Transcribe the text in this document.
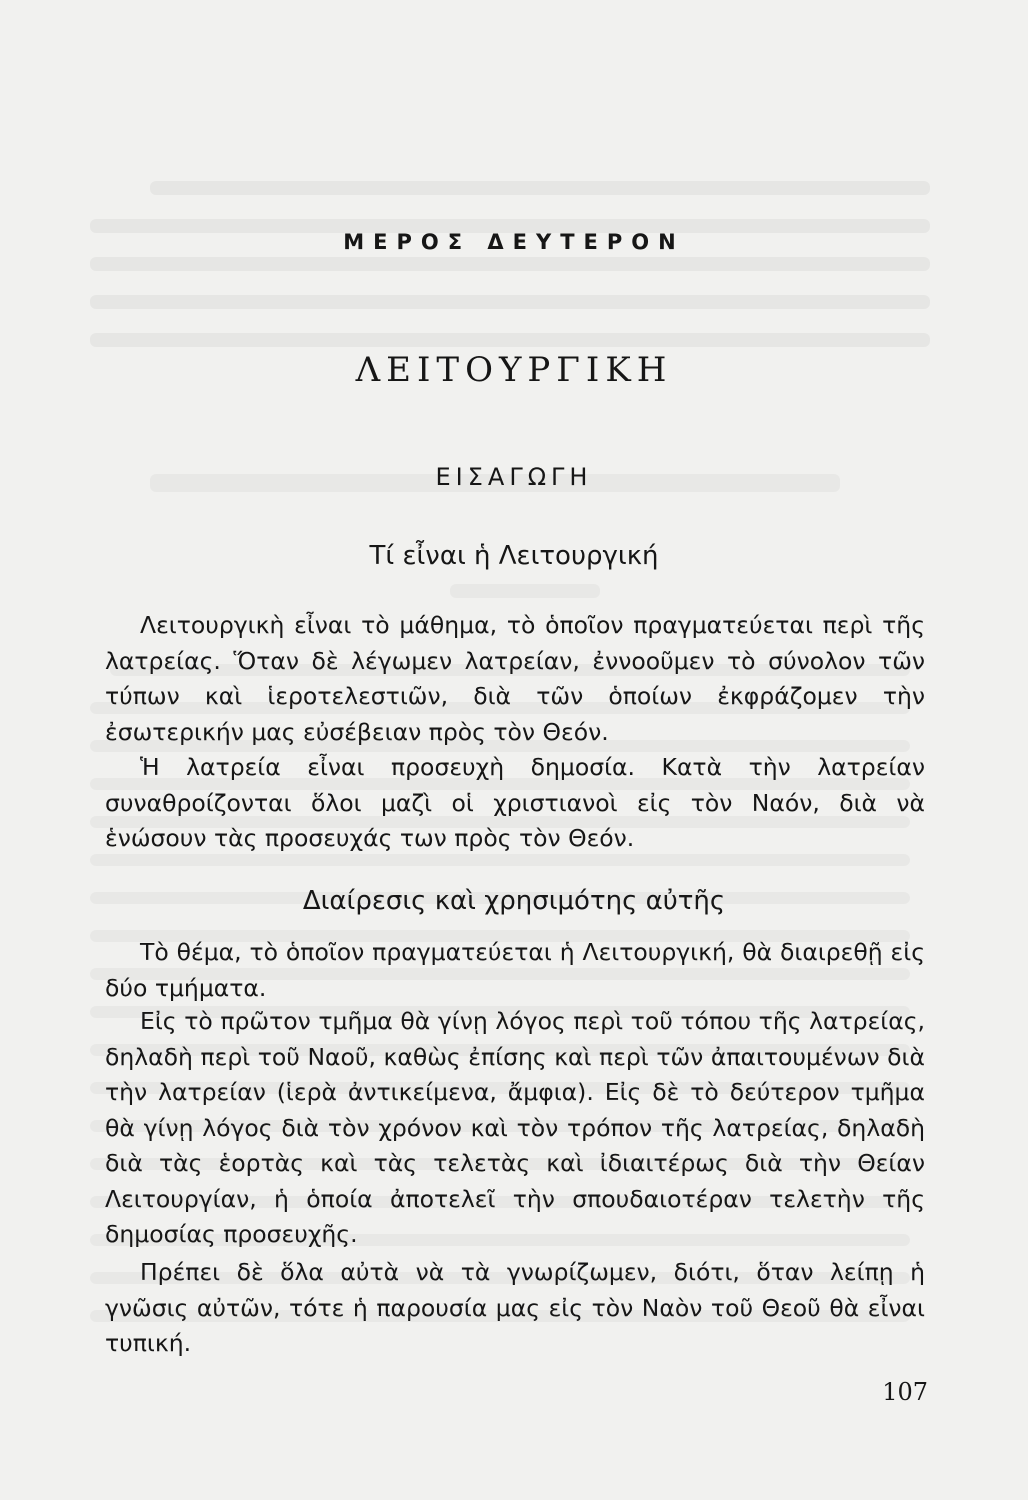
ΜΕΡΟΣ ΔΕΥΤΕΡΟΝ
ΛΕΙΤΟΥΡΓΙΚΗ
ΕΙΣΑΓΩΓΗ
Τί εἶναι ἡ Λειτουργική

Λειτουργικὴ εἶναι τὸ μάθημα, τὸ ὁποῖον πραγματεύεται περὶ τῆς λατρείας. Ὅταν δὲ λέγωμεν λατρείαν, ἐννοοῦμεν τὸ σύνολον τῶν τύπων καὶ ἱεροτελεστιῶν, διὰ τῶν ὁποίων ἐκφράζομεν τὴν ἐσωτερικήν μας εὐσέβειαν πρὸς τὸν Θεόν.

Ἡ λατρεία εἶναι προσευχὴ δημοσία. Κατὰ τὴν λατρείαν συναθροίζονται ὅλοι μαζὶ οἱ χριστιανοὶ εἰς τὸν Ναόν, διὰ νὰ ἑνώσουν τὰς προσευχάς των πρὸς τὸν Θεόν.

Διαίρεσις καὶ χρησιμότης αὐτῆς

Τὸ θέμα, τὸ ὁποῖον πραγματεύεται ἡ Λειτουργική, θὰ διαιρεθῇ εἰς δύο τμήματα.

Εἰς τὸ πρῶτον τμῆμα θὰ γίνῃ λόγος περὶ τοῦ τόπου τῆς λατρείας, δηλαδὴ περὶ τοῦ Ναοῦ, καθὼς ἐπίσης καὶ περὶ τῶν ἀπαιτουμένων διὰ τὴν λατρείαν (ἱερὰ ἀντικείμενα, ἄμφια). Εἰς δὲ τὸ δεύτερον τμῆμα θὰ γίνῃ λόγος διὰ τὸν χρόνον καὶ τὸν τρόπον τῆς λατρείας, δηλαδὴ διὰ τὰς ἑορτὰς καὶ τὰς τελετὰς καὶ ἰδιαιτέρως διὰ τὴν Θείαν Λειτουργίαν, ἡ ὁποία ἀποτελεῖ τὴν σπουδαιοτέραν τελετὴν τῆς δημοσίας προσευχῆς.

Πρέπει δὲ ὅλα αὐτὰ νὰ τὰ γνωρίζωμεν, διότι, ὅταν λείπῃ ἡ γνῶσις αὐτῶν, τότε ἡ παρουσία μας εἰς τὸν Ναὸν τοῦ Θεοῦ θὰ εἶναι τυπική.

107
